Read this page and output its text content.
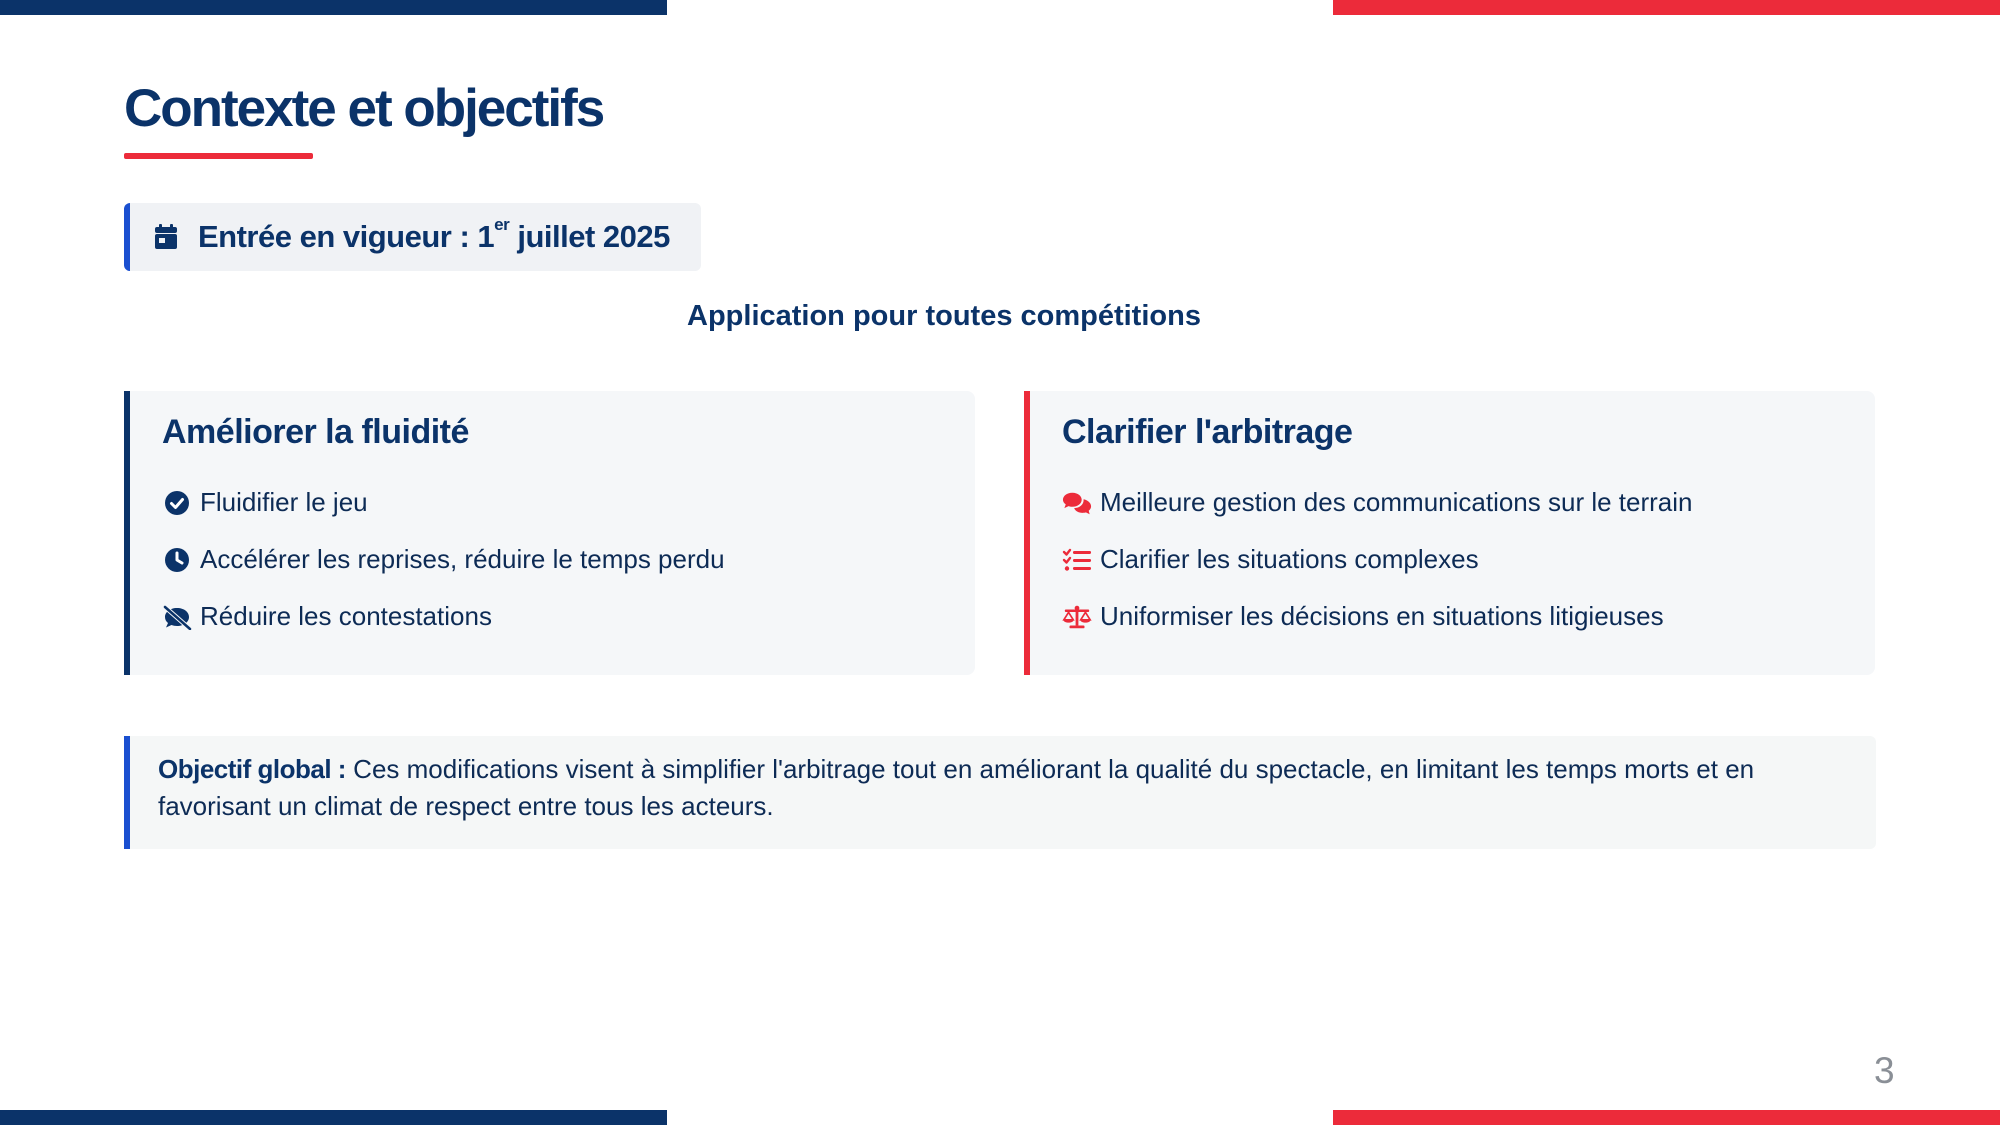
Contexte et objectifs
Entrée en vigueur : 1er juillet 2025
Application pour toutes compétitions
Améliorer la fluidité
Fluidifier le jeu
Accélérer les reprises, réduire le temps perdu
Réduire les contestations
Clarifier l'arbitrage
Meilleure gestion des communications sur le terrain
Clarifier les situations complexes
Uniformiser les décisions en situations litigieuses
Objectif global : Ces modifications visent à simplifier l'arbitrage tout en améliorant la qualité du spectacle, en limitant les temps morts et en favorisant un climat de respect entre tous les acteurs.
3
